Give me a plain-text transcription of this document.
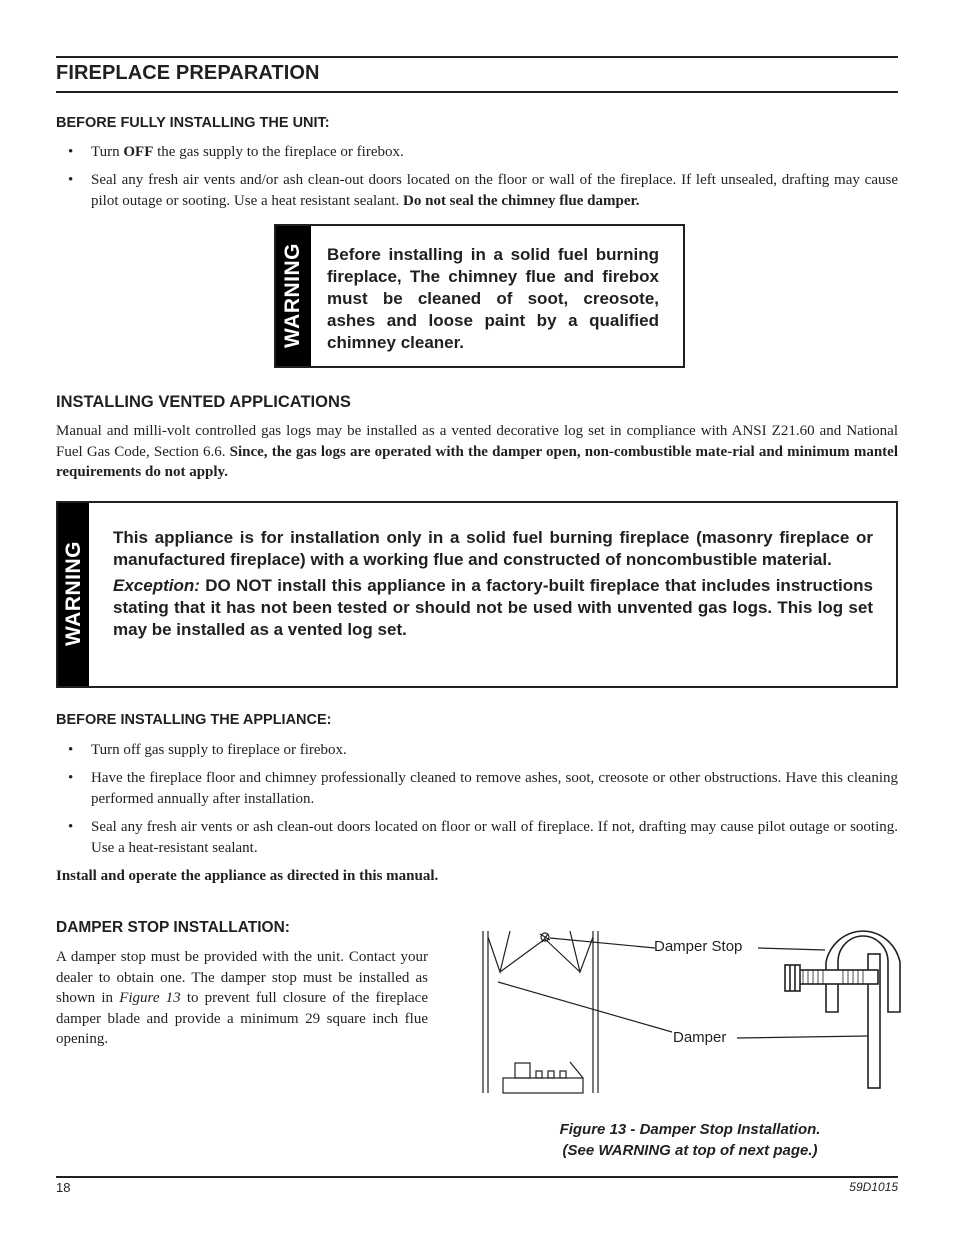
FIREPLACE PREPARATION
BEFORE FULLY INSTALLING THE UNIT:
• Turn OFF the gas supply to the fireplace or firebox.
• Seal any fresh air vents and/or ash clean-out doors located on the floor or wall of the fireplace. If left unsealed, drafting may cause pilot outage or sooting. Use a heat resistant sealant. Do not seal the chimney flue damper.
WARNING Before installing in a solid fuel burning fireplace, The chimney flue and firebox must be cleaned of soot, creosote, ashes and loose paint by a qualified chimney cleaner.
INSTALLING VENTED APPLICATIONS

Manual and milli-volt controlled gas logs may be installed as a vented decorative log set in compliance with ANSI Z21.60 and National Fuel Gas Code, Section 6.6. Since, the gas logs are operated with the damper open, non-combustible mate-rial and minimum mantel requirements do not apply.

WARNING
This appliance is for installation only in a solid fuel burning fireplace (masonry fireplace or manufactured fireplace) with a working flue and constructed of noncombustible material.
Exception: DO NOT install this appliance in a factory-built fireplace that includes instructions stating that it has not been tested or should not be used with unvented gas logs. This log set may be installed as a vented log set.
BEFORE INSTALLING THE APPLIANCE:
• Turn off gas supply to fireplace or firebox.
• Have the fireplace floor and chimney professionally cleaned to remove ashes, soot, creosote or other obstructions. Have this cleaning performed annually after installation.
• Seal any fresh air vents or ash clean-out doors located on floor or wall of fireplace. If not, drafting may cause pilot outage or sooting. Use a heat-resistant sealant.

Install and operate the appliance as directed in this manual.

DAMPER STOP INSTALLATION:

A damper stop must be provided with the unit. Contact your dealer to obtain one. The damper stop must be installed as shown in Figure 13 to prevent full closure of the fireplace damper blade and provide a minimum 29 square inch flue opening.

Damper Stop
Damper
Figure 13 - Damper Stop Installation.
(See WARNING at top of next page.)
18	59D1015
